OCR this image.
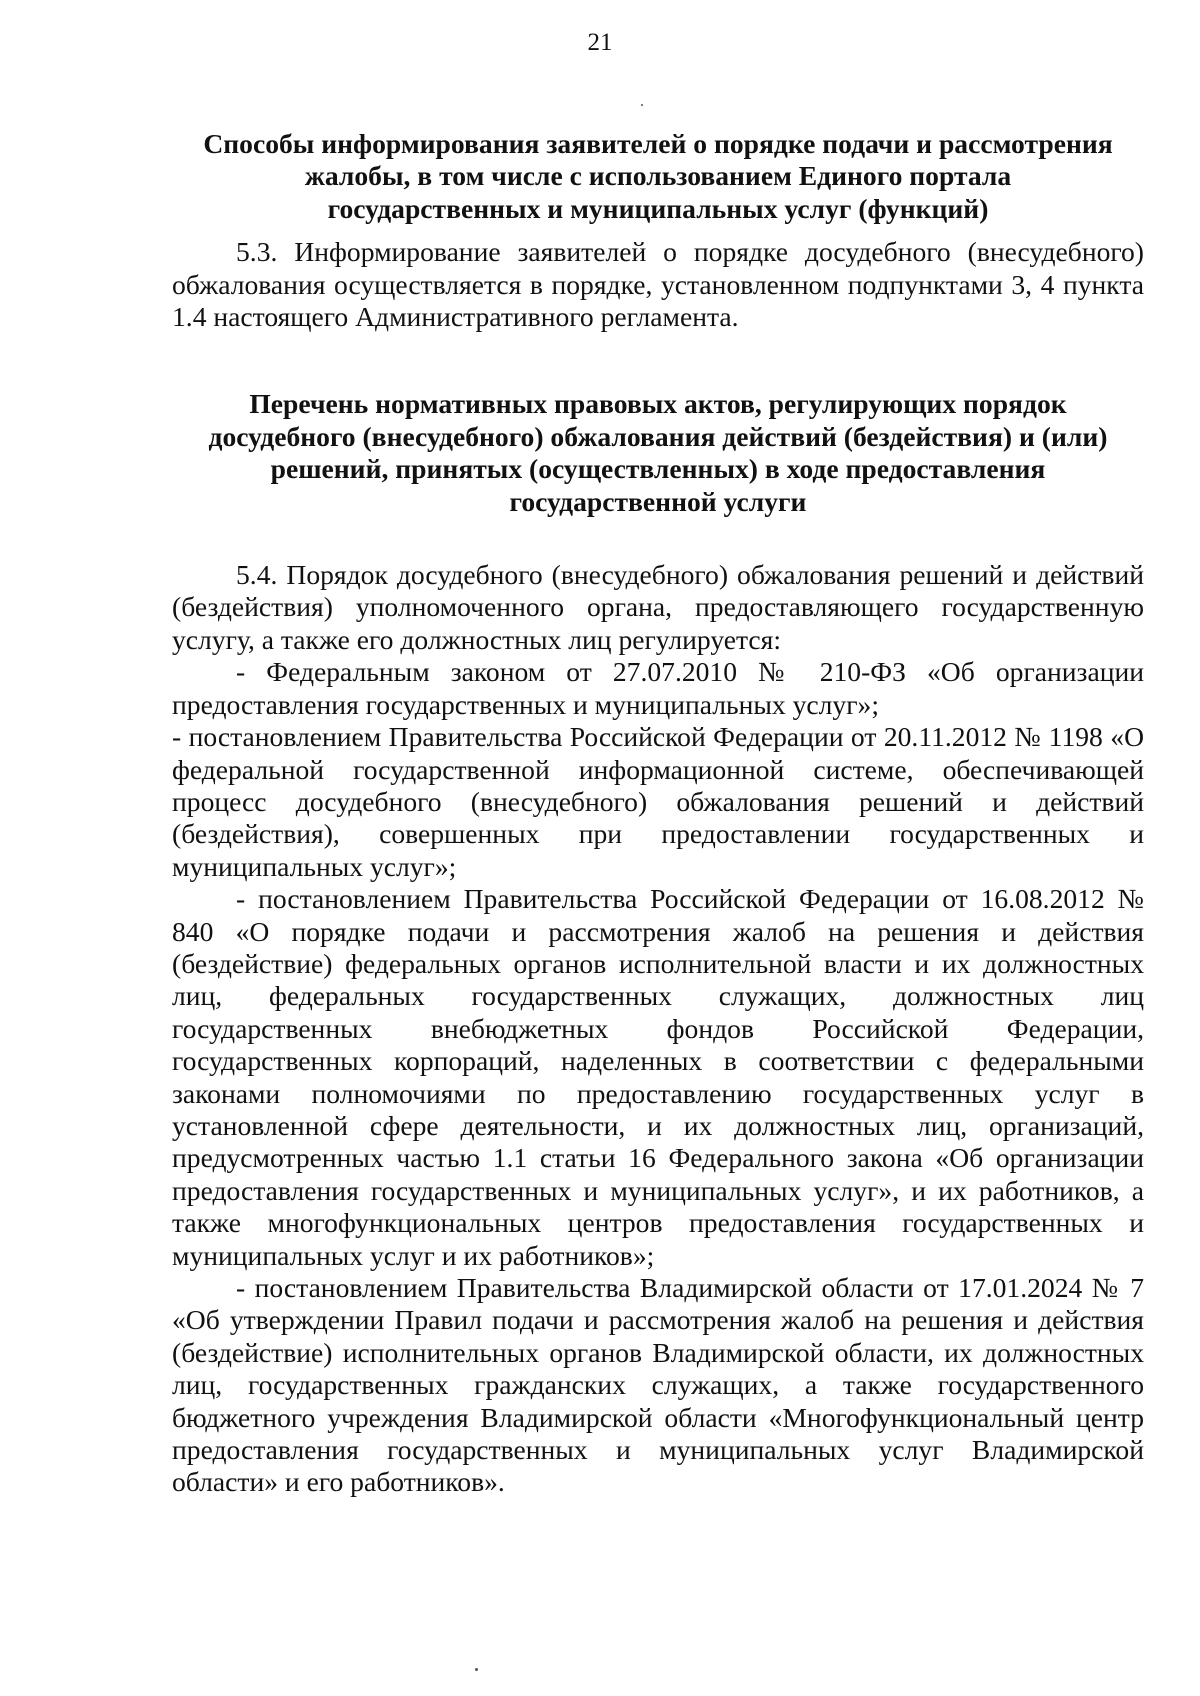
21

Способы информирования заявителей о порядке подачи и рассмотрения жалобы, в том числе с использованием Единого портала государственных и муниципальных услуг (функций)

5.3. Информирование заявителей о порядке досудебного (внесудебного) обжалования осуществляется в порядке, установленном подпунктами 3, 4 пункта 1.4 настоящего Административного регламента.

Перечень нормативных правовых актов, регулирующих порядок досудебного (внесудебного) обжалования действий (бездействия) и (или) решений, принятых (осуществленных) в ходе предоставления государственной услуги

5.4. Порядок досудебного (внесудебного) обжалования решений и действий (бездействия) уполномоченного органа, предоставляющего государственную услугу, а также его должностных лиц регулируется:

- Федеральным законом от 27.07.2010 № 210-ФЗ «Об организации предоставления государственных и муниципальных услуг»;

- постановлением Правительства Российской Федерации от 20.11.2012 № 1198 «О федеральной государственной информационной системе, обеспечивающей процесс досудебного (внесудебного) обжалования решений и действий (бездействия), совершенных при предоставлении государственных и муниципальных услуг»;

- постановлением Правительства Российской Федерации от 16.08.2012 № 840 «О порядке подачи и рассмотрения жалоб на решения и действия (бездействие) федеральных органов исполнительной власти и их должностных лиц, федеральных государственных служащих, должностных лиц государственных внебюджетных фондов Российской Федерации, государственных корпораций, наделенных в соответствии с федеральными законами полномочиями по предоставлению государственных услуг в установленной сфере деятельности, и их должностных лиц, организаций, предусмотренных частью 1.1 статьи 16 Федерального закона «Об организации предоставления государственных и муниципальных услуг», и их работников, а также многофункциональных центров предоставления государственных и муниципальных услуг и их работников»;

- постановлением Правительства Владимирской области от 17.01.2024 № 7 «Об утверждении Правил подачи и рассмотрения жалоб на решения и действия (бездействие) исполнительных органов Владимирской области, их должностных лиц, государственных гражданских служащих, а также государственного бюджетного учреждения Владимирской области «Многофункциональный центр предоставления государственных и муниципальных услуг Владимирской области» и его работников».
